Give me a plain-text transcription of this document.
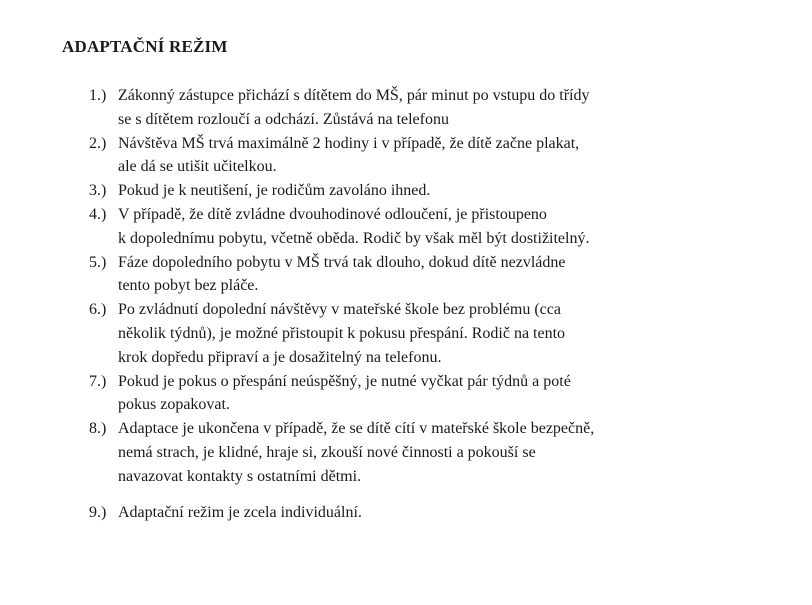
ADAPTAČNÍ REŽIM
1.) Zákonný zástupce přichází s dítětem do MŠ, pár minut po vstupu do třídy
se s dítětem rozloučí a odchází. Zůstává na telefonu
2.) Návštěva MŠ trvá maximálně 2 hodiny i v případě, že dítě začne plakat,
ale dá se utišit učitelkou.
3.) Pokud je k neutišení, je rodičům zavoláno ihned.
4.) V případě, že dítě zvládne dvouhodinové odloučení, je přistoupeno
k dopolednímu pobytu, včetně oběda. Rodič by však měl být dostižitelný.
5.) Fáze dopoledního pobytu v MŠ trvá tak dlouho, dokud dítě nezvládne
tento pobyt bez pláče.
6.) Po zvládnutí dopolední návštěvy v mateřské škole bez problému (cca
několik týdnů), je možné přistoupit k pokusu přespání. Rodič na tento
krok dopředu připraví a je dosažitelný na telefonu.
7.) Pokud je pokus o přespání neúspěšný, je nutné vyčkat pár týdnů a poté
pokus zopakovat.
8.) Adaptace je ukončena v případě, že se dítě cítí v mateřské škole bezpečně,
nemá strach, je klidné, hraje si, zkouší nové činnosti a pokouší se
navazovat kontakty s ostatními dětmi.
9.) Adaptační režim je zcela individuální.
